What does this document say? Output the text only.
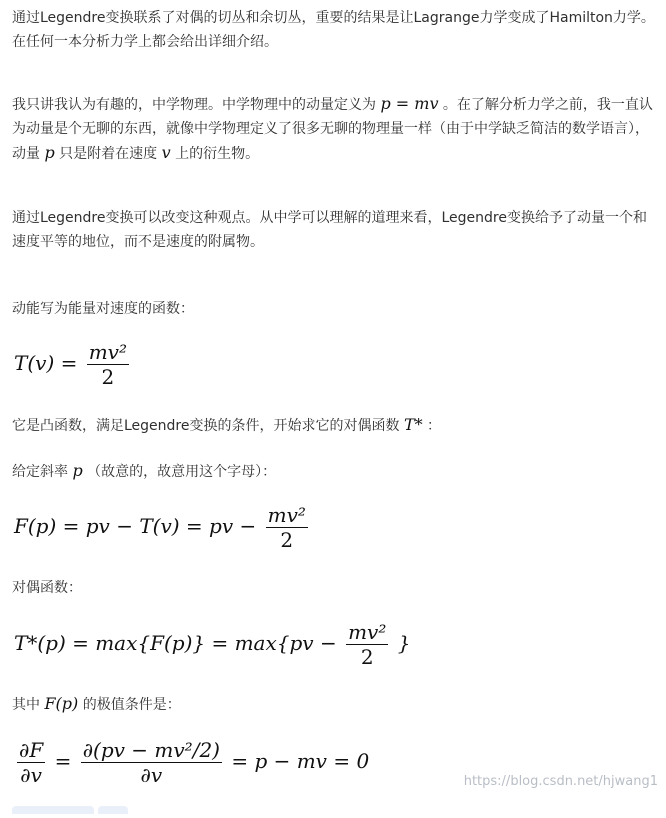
通过Legendre变换联系了对偶的切丛和余切丛，重要的结果是让Lagrange力学变成了Hamilton力学。在任何一本分析力学上都会给出详细介绍。
我只讲我认为有趣的，中学物理。中学物理中的动量定义为 p = mv 。在了解分析力学之前，我一直认为动量是个无聊的东西，就像中学物理定义了很多无聊的物理量一样（由于中学缺乏简洁的数学语言），动量 p 只是附着在速度 v 上的衍生物。
通过Legendre变换可以改变这种观点。从中学可以理解的道理来看，Legendre变换给予了动量一个和速度平等的地位，而不是速度的附属物。
动能写为能量对速度的函数：
$T(v) = \frac{\text{mv²}}{2}$
它是凸函数，满足Legendre变换的条件，开始求它的对偶函数 T* ：
给定斜率 p （故意的，故意用这个字母）：
F(p) = pv − T(v) = pv − $\frac{\text{mv²}}{2}$
对偶函数：
$T*(p) = \max\{F(p)\} = \max\{pv - \frac{\text{mv²}}{2}$ }
其中 F(p) 的极值条件是：
$\frac{\partial F}{\partial v} = \frac{\text{∂(pv − mv²/2)}}{\partial v} = p$ − mv = 0
https://blog.csdn.net/hjwang1
